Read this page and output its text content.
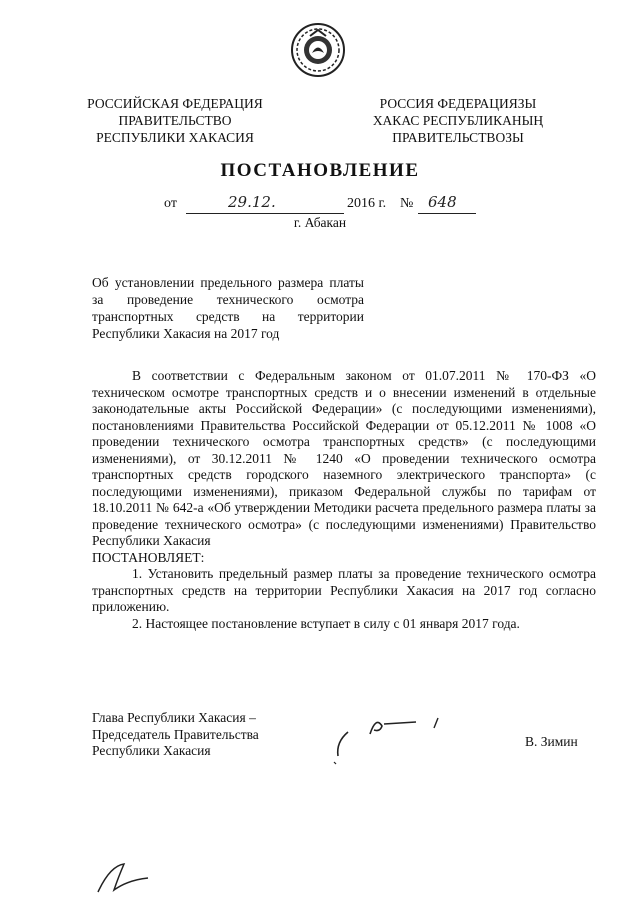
РОССИЙСКАЯ ФЕДЕРАЦИЯ
ПРАВИТЕЛЬСТВО
РЕСПУБЛИКИ ХАКАСИЯ
РОССИЯ ФЕДЕРАЦИЯЗЫ
ХАКАС РЕСПУБЛИКАНЫҢ
ПРАВИТЕЛЬСТВОЗЫ
ПОСТАНОВЛЕНИЕ
от	29.12.	2016 г. № 648
г. Абакан
Об установлении предельного размера платы
за проведение технического осмотра
транспортных средств на территории
Республики Хакасия на 2017 год

В соответствии с Федеральным законом от 01.07.2011 № 170-ФЗ «О техническом осмотре транспортных средств и о внесении изменений в отдельные законодательные акты Российской Федерации» (с последующими изменениями), постановлениями Правительства Российской Федерации от 05.12.2011 № 1008 «О проведении технического осмотра транспортных средств» (с последующими изменениями), от 30.12.2011 № 1240 «О проведении технического осмотра транспортных средств городского наземного электрического транспорта» (с последующими изменениями), приказом Федеральной службы по тарифам от 18.10.2011 № 642-а «Об утверждении Методики расчета предельного размера платы за проведение технического осмотра» (с последующими изменениями) Правительство Республики Хакасия

ПОСТАНОВЛЯЕТ:

1. Установить предельный размер платы за проведение технического осмотра транспортных средств на территории Республики Хакасия на 2017 год согласно приложению.

2. Настоящее постановление вступает в силу с 01 января 2017 года.

Глава Республики Хакасия –
Председатель Правительства
Республики Хакасия
В. Зимин
